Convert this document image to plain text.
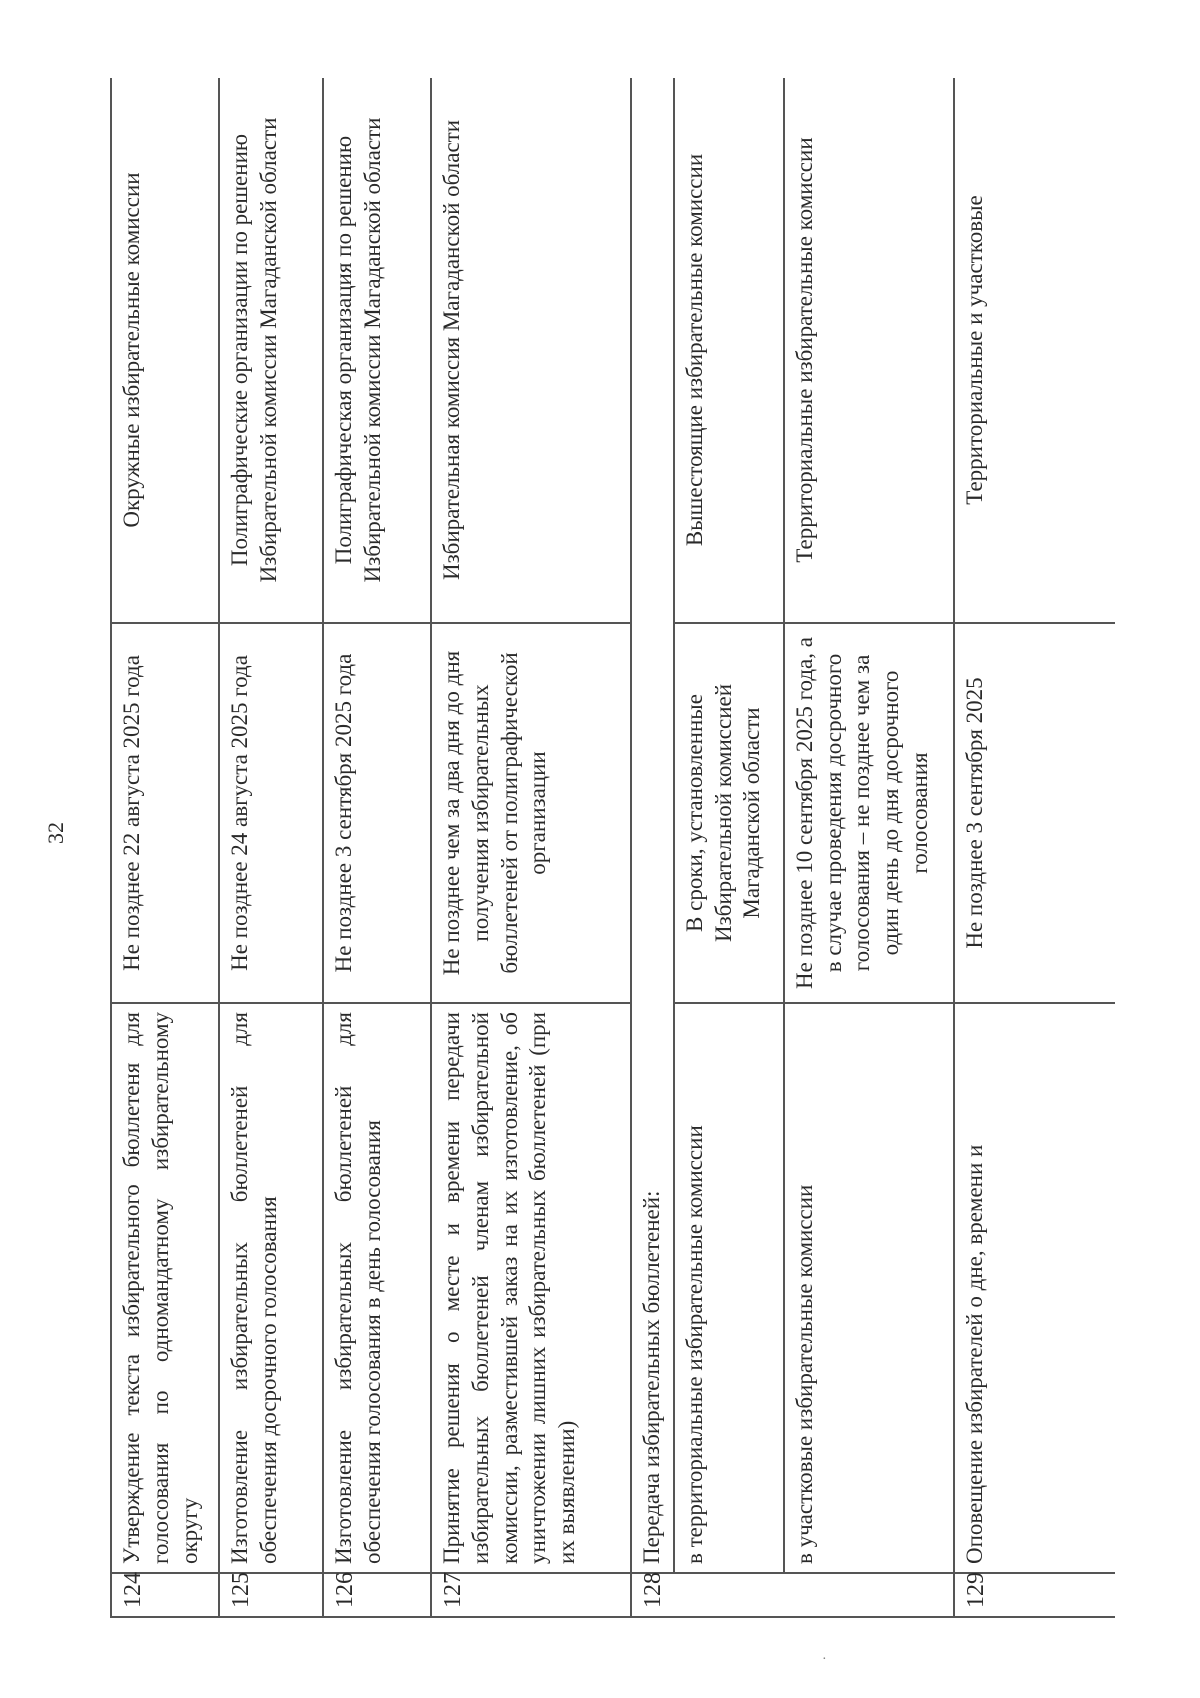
32
124	Утверждение текста избирательного бюллетеня для голосования по одномандатному избирательному округу	Не позднее 22 августа 2025 года	Окружные избирательные комиссии
125	Изготовление избирательных бюллетеней для обеспечения досрочного голосования	Не позднее 24 августа 2025 года	Полиграфические организации по решению Избирательной комиссии Магаданской области
126	Изготовление избирательных бюллетеней для обеспечения голосования в день голосования	Не позднее 3 сентября 2025 года	Полиграфическая организация по решению Избирательной комиссии Магаданской области
127	Принятие решения о месте и времени передачи избирательных бюллетеней членам избирательной комиссии, разместившей заказ на их изготовление, об уничтожении лишних избирательных бюллетеней (при их выявлении)	Не позднее чем за два дня до дня получения избирательных бюллетеней от полиграфической организации	Избирательная комиссия Магаданской области
128	Передача избирательных бюллетеней:		
	в территориальные избирательные комиссии	В сроки, установленные Избирательной комиссией Магаданской области	Вышестоящие избирательные комиссии
	в участковые избирательные комиссии	Не позднее 10 сентября 2025 года, а в случае проведения досрочного голосования – не позднее чем за один день до дня досрочного голосования	Территориальные избирательные комиссии
129	Оповещение избирателей о дне, времени и	Не позднее 3 сентября 2025	Территориальные и участковые
·
